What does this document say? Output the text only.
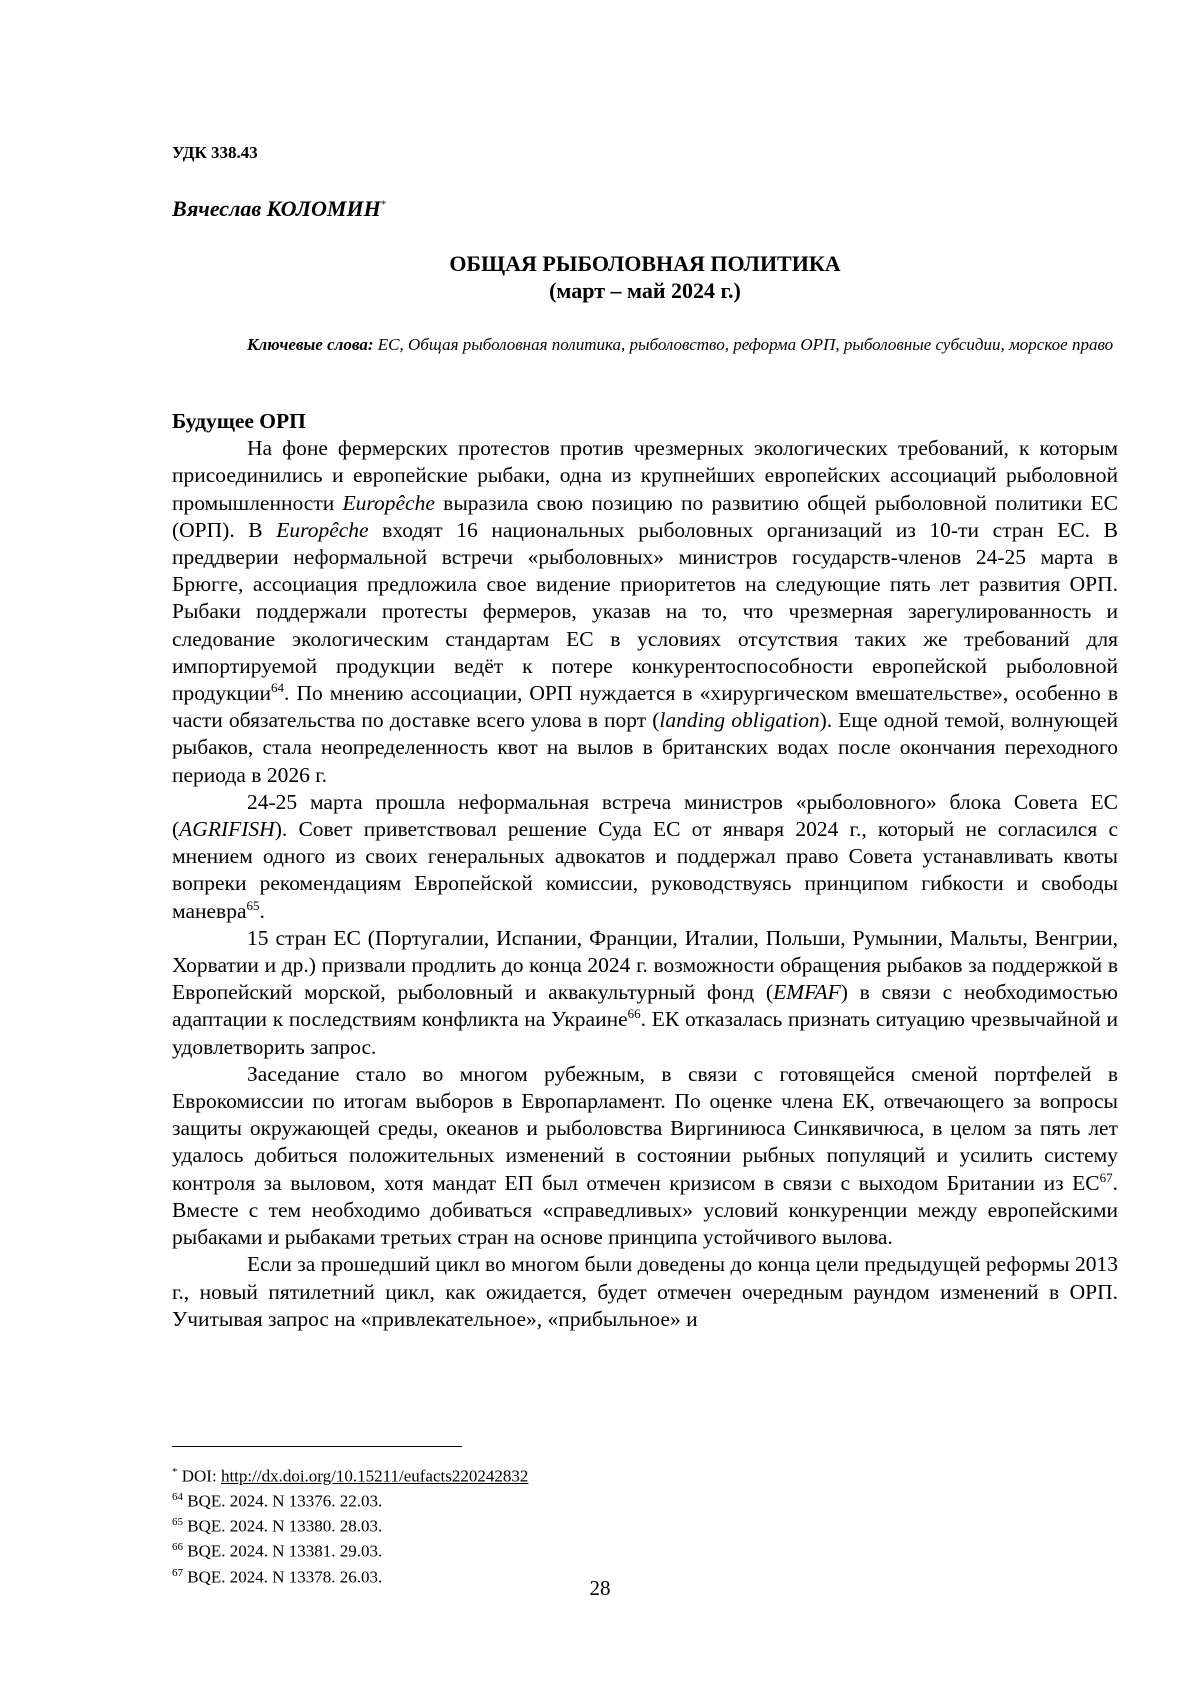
УДК 338.43
Вячеслав КОЛОМИН*
ОБЩАЯ РЫБОЛОВНАЯ ПОЛИТИКА
(март – май 2024 г.)
Ключевые слова: ЕС, Общая рыболовная политика, рыболовство, реформа ОРП, рыболовные субсидии, морское право

Будущее ОРП

На фоне фермерских протестов против чрезмерных экологических требований, к которым присоединились и европейские рыбаки, одна из крупнейших европейских ассоциаций рыболовной промышленности Europêche выразила свою позицию по развитию общей рыболовной политики ЕС (ОРП). В Europêche входят 16 национальных рыболовных организаций из 10-ти стран ЕС. В преддверии неформальной встречи «рыболовных» министров государств-членов 24-25 марта в Брюгге, ассоциация предложила свое видение приоритетов на следующие пять лет развития ОРП. Рыбаки поддержали протесты фермеров, указав на то, что чрезмерная зарегулированность и следование экологическим стандартам ЕС в условиях отсутствия таких же требований для импортируемой продукции ведёт к потере конкурентоспособности европейской рыболовной продукции$^{64}$. По мнению ассоциации, ОРП нуждается в «хирургическом вмешательстве», особенно в части обязательства по доставке всего улова в порт (landing obligation). Еще одной темой, волнующей рыбаков, стала неопределенность квот на вылов в британских водах после окончания переходного периода в 2026 г.

24-25 марта прошла неформальная встреча министров «рыболовного» блока Совета ЕС (AGRIFISH). Совет приветствовал решение Суда ЕС от января 2024 г., который не согласился с мнением одного из своих генеральных адвокатов и поддержал право Совета устанавливать квоты вопреки рекомендациям Европейской комиссии, руководствуясь принципом гибкости и свободы маневра$^{65}$.

15 стран ЕС (Португалии, Испании, Франции, Италии, Польши, Румынии, Мальты, Венгрии, Хорватии и др.) призвали продлить до конца 2024 г. возможности обращения рыбаков за поддержкой в Европейский морской, рыболовный и аквакультурный фонд (EMFAF) в связи с необходимостью адаптации к последствиям конфликта на Украине$^{66}$. ЕК отказалась признать ситуацию чрезвычайной и удовлетворить запрос.

Заседание стало во многом рубежным, в связи с готовящейся сменой портфелей в Еврокомиссии по итогам выборов в Европарламент. По оценке члена ЕК, отвечающего за вопросы защиты окружающей среды, океанов и рыболовства Виргиниюса Синкявичюса, в целом за пять лет удалось добиться положительных изменений в состоянии рыбных популяций и усилить систему контроля за выловом, хотя мандат ЕП был отмечен кризисом в связи с выходом Британии из ЕС$^{67}$. Вместе с тем необходимо добиваться «справедливых» условий конкуренции между европейскими рыбаками и рыбаками третьих стран на основе принципа устойчивого вылова.

Если за прошедший цикл во многом были доведены до конца цели предыдущей реформы 2013 г., новый пятилетний цикл, как ожидается, будет отмечен очередным раундом изменений в ОРП. Учитывая запрос на «привлекательное», «прибыльное» и

* DOI: http://dx.doi.org/10.15211/eufacts220242832
$^{64}$ BQE. 2024. N 13376. 22.03.
$^{65}$ BQE. 2024. N 13380. 28.03.
$^{66}$ BQE. 2024. N 13381. 29.03.
$^{67}$ BQE. 2024. N 13378. 26.03.	28
